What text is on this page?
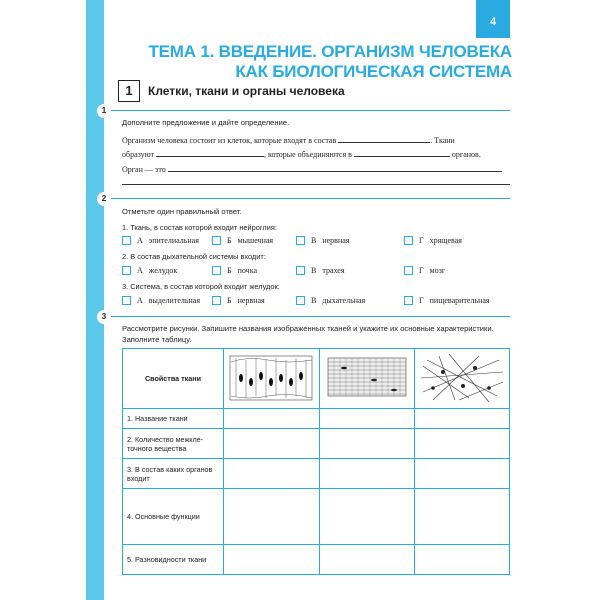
4
ТЕМА 1. ВВЕДЕНИЕ. ОРГАНИЗМ ЧЕЛОВЕКА
КАК БИОЛОГИЧЕСКАЯ СИСТЕМА
1	Клетки, ткани и органы человека
1
Дополните предложение и дайте определение.
Организм человека состоит из клеток, которые входят в состав	. Ткани
образуют	, которые объединяются в	органов.
Орган — это
2
Отметьте один правильный ответ.
1. Ткань, в состав которой входит нейроглия:
А эпителиальная	Б мышечная	В нервная	Г хрящевая
2. В состав дыхательной системы входит:
А желудок	Б почка	В трахея	Г мозг
3. Система, в состав которой входит желудок:
А выделительная	Б нервная	В дыхательная	Г пищеварительная
3
Рассмотрите рисунки. Запишите названия изображенных тканей и укажите их основные характеристики.
Заполните таблицу.
Свойства ткани			
1. Название ткани			
2. Количество межкле-
точного вещества			
3. В состав каких органов
входит			
4. Основные функции			
5. Разновидности ткани			
